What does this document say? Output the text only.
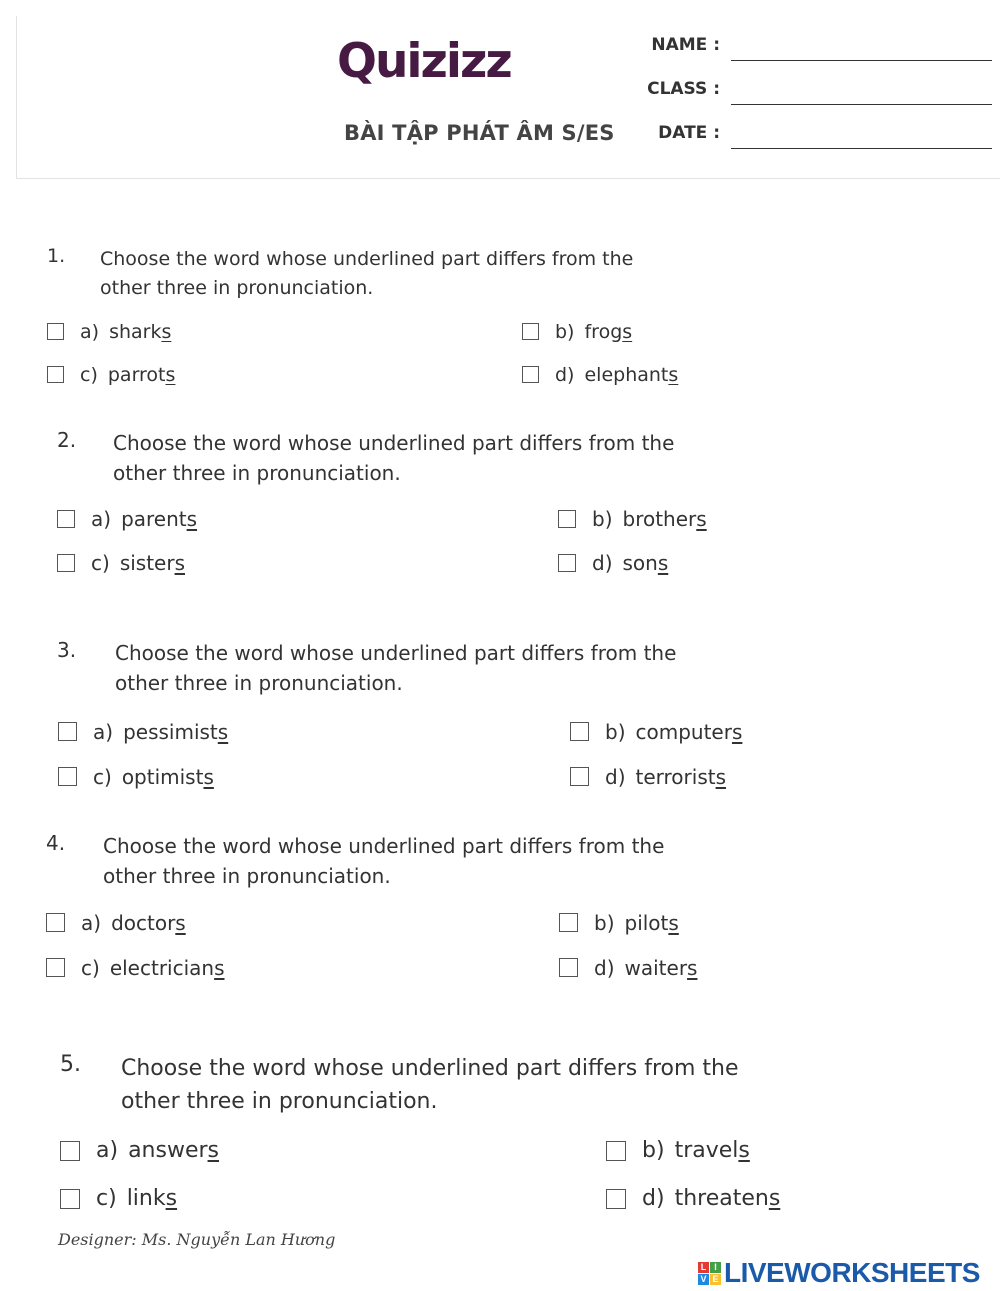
Quizizz
BÀI TẬP PHÁT ÂM S/ES
NAME :
CLASS :
DATE :
1. Choose the word whose underlined part differs from the other three in pronunciation.
a) sharks	b) frogs
c) parrots	d) elephants
2. Choose the word whose underlined part differs from the other three in pronunciation.
a) parents	b) brothers
c) sisters	d) sons
3. Choose the word whose underlined part differs from the other three in pronunciation.
a) pessimists	b) computers
c) optimists	d) terrorists
4. Choose the word whose underlined part differs from the other three in pronunciation.
a) doctors	b) pilots
c) electricians	d) waiters
5. Choose the word whose underlined part differs from the other three in pronunciation.
a) answers	b) travels
c) links	d) threatens
Designer: Ms. Nguyễn Lan Hương
L I
V E LIVEWORKSHEETS
